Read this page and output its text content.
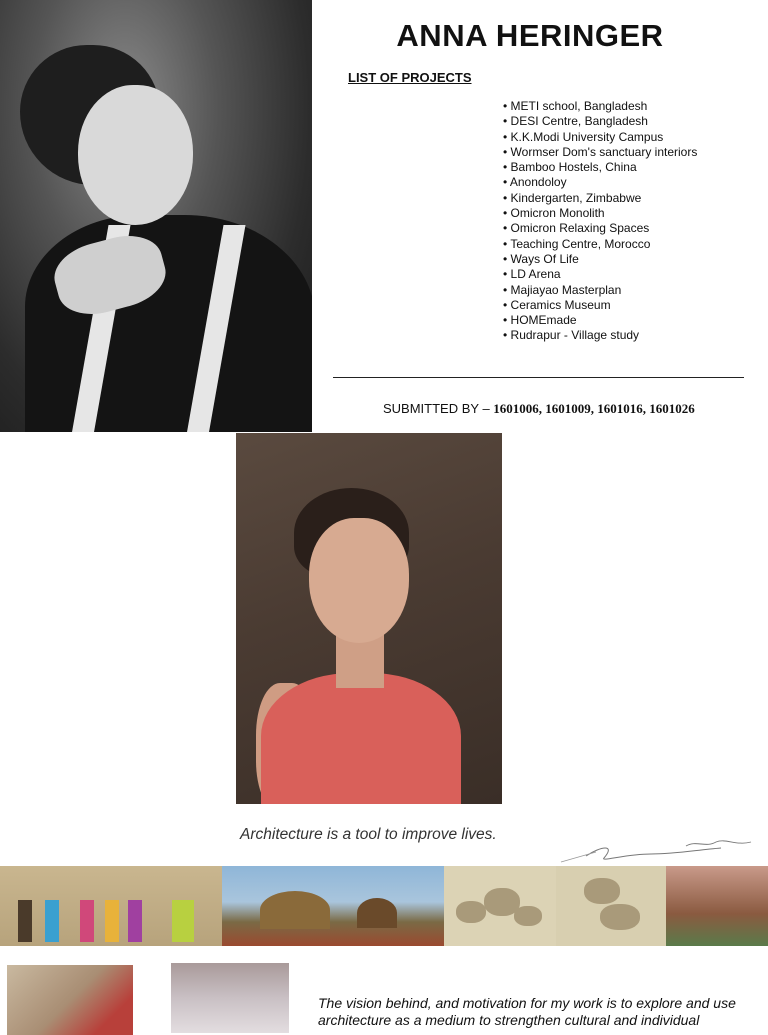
ANNA HERINGER
LIST OF PROJECTS
• METI school, Bangladesh
• DESI Centre, Bangladesh
• K.K.Modi University Campus
• Wormser Dom's sanctuary interiors
• Bamboo Hostels, China
• Anondoloy
• Kindergarten, Zimbabwe
• Omicron Monolith
• Omicron Relaxing Spaces
• Teaching Centre, Morocco
• Ways Of Life
• LD Arena
• Majiayao Masterplan
• Ceramics Museum
• HOMEmade
• Rudrapur - Village study
SUBMITTED BY – 1601006, 1601009, 1601016, 1601026
Architecture is a tool to improve lives.
The vision behind, and motivation for my work is to explore and use architecture as a medium to strengthen cultural and individual
